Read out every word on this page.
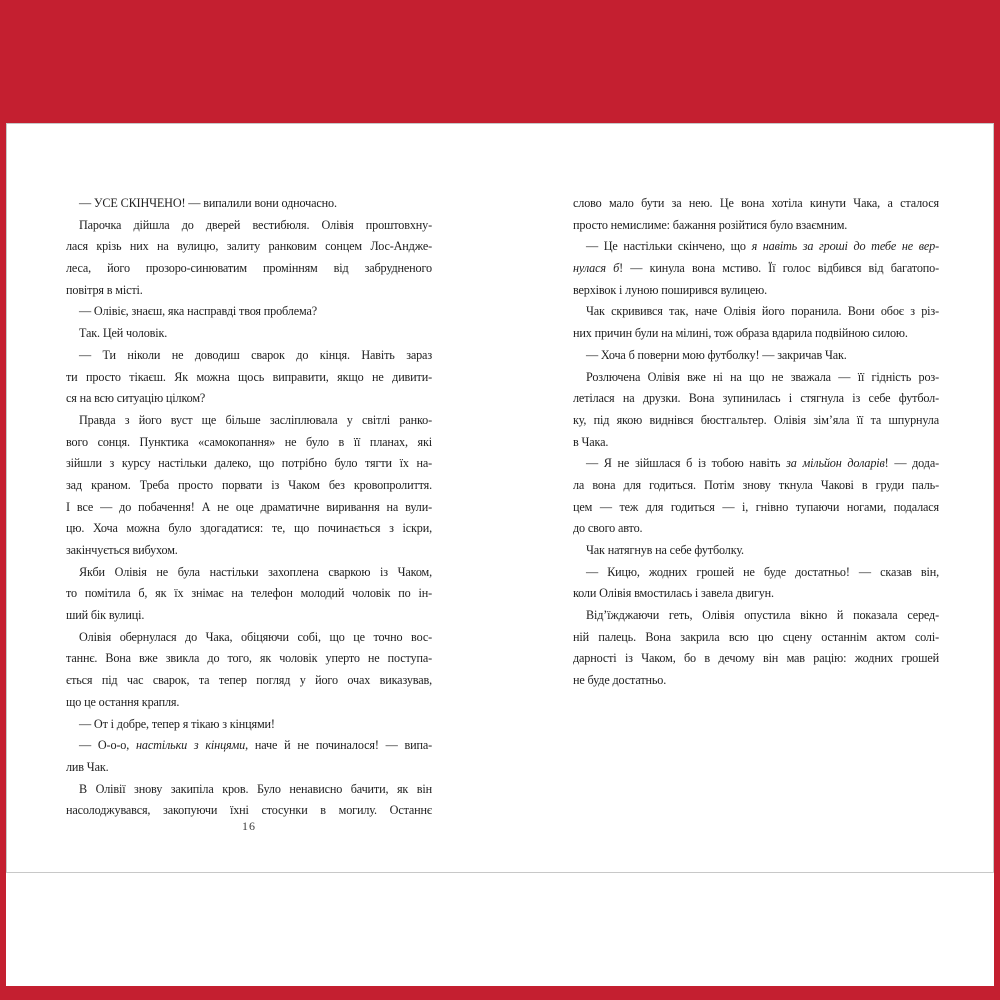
— УСЕ СКІНЧЕНО! — випалили вони одночасно.
Парочка дійшла до дверей вестибюля. Олівія проштовхну-
лася крізь них на вулицю, залиту ранковим сонцем Лос-Андже-
леса, його прозоро-синюватим промінням від забрудненого
повітря в місті.
— Олівіє, знаєш, яка насправді твоя проблема?
Так. Цей чоловік.
— Ти ніколи не доводиш сварок до кінця. Навіть зараз
ти просто тікаєш. Як можна щось виправити, якщо не дивити-
ся на всю ситуацію цілком?
Правда з його вуст ще більше засліплювала у світлі ранко-
вого сонця. Пунктика «самокопання» не було в її планах, які
зійшли з курсу настільки далеко, що потрібно було тягти їх на-
зад краном. Треба просто порвати із Чаком без кровопролиття.
І все — до побачення! А не оце драматичне виривання на вули-
цю. Хоча можна було здогадатися: те, що починається з іскри,
закінчується вибухом.
Якби Олівія не була настільки захоплена сваркою із Чаком,
то помітила б, як їх знімає на телефон молодий чоловік по ін-
ший бік вулиці.
Олівія обернулася до Чака, обіцяючи собі, що це точно вос-
таннє. Вона вже звикла до того, як чоловік уперто не поступа-
ється під час сварок, та тепер погляд у його очах виказував,
що це остання крапля.
— От і добре, тепер я тікаю з кінцями!
— О-о-о, настільки з кінцями, наче й не починалося! — випа-
лив Чак.
В Олівії знову закипіла кров. Було ненависно бачити, як він
насолоджувався, закопуючи їхні стосунки в могилу. Останнє
слово мало бути за нею. Це вона хотіла кинути Чака, а сталося
просто немислиме: бажання розійтися було взаємним.
— Це настільки скінчено, що я навіть за гроші до тебе не вер-
нулася б! — кинула вона мстиво. Її голос відбився від багатопо-
верхівок і луною поширився вулицею.
Чак скривився так, наче Олівія його поранила. Вони обоє з різ-
них причин були на мілині, тож образа вдарила подвійною силою.
— Хоча б поверни мою футболку! — закричав Чак.
Розлючена Олівія вже ні на що не зважала — її гідність роз-
летілася на друзки. Вона зупинилась і стягнула із себе футбол-
ку, під якою виднівся бюстгальтер. Олівія зім’яла її та шпурнула
в Чака.
— Я не зійшлася б із тобою навіть за мільйон доларів! — дода-
ла вона для годиться. Потім знову ткнула Чакові в груди паль-
цем — теж для годиться — і, гнівно тупаючи ногами, подалася
до свого авто.
Чак натягнув на себе футболку.
— Кицю, жодних грошей не буде достатньо! — сказав він,
коли Олівія вмостилась і завела двигун.
Від’їжджаючи геть, Олівія опустила вікно й показала серед-
ній палець. Вона закрила всю цю сцену останнім актом солі-
дарності із Чаком, бо в дечому він мав рацію: жодних грошей
не буде достатньо.
16
